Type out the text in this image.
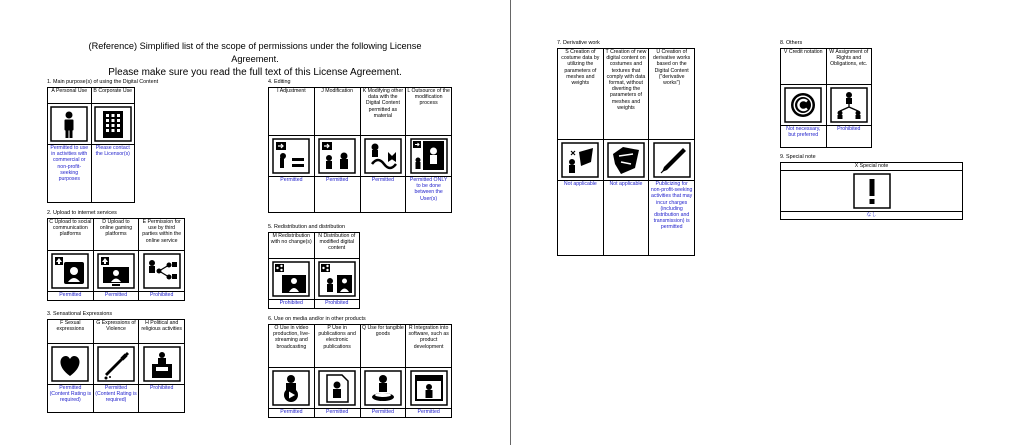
(Reference) Simplified list of the scope of permissions under the following License Agreement.
Please make sure you read the full text of this License Agreement.
1. Main purpose(s) of using the Digital Content
A Personal Use	B Corporate Use

Permitted to use in activities with commercial or non-profit-seeking purposes	Please contact the Licensor(s)
2. Upload to internet services
C Upload to social communication platforms	D Upload to online gaming platforms	E Permission for use by third parties within the online service

Permitted	Permitted	Prohibited
3. Sensational Expressions
F Sexual expressions	G Expressions of Violence	H Political and religious activities

Permitted (Content Rating is required)	Permitted (Content Rating is required)	Prohibited
4. Editing
I Adjustment	J Modification	K Modifying other data with the Digital Content permitted as material	L Outsource of the modification process

Permitted	Permitted	Permitted	Permitted ONLY to be done between the User(s)
5. Redistribution and distribution
M Redistribution with no change(s)	N Distribution of modified digital content

Prohibited	Prohibited
6. Use on media and/or in other products
O Use in video production, live-streaming and broadcasting	P Use in publications and electronic publications	Q Use for tangible goods	R Integration into software, such as product development

Permitted	Permitted	Permitted	Permitted
7. Derivative work
S Creation of costume data by utilizing the parameters of meshes and weights	T Creation of new digital content on costumes and textures that comply with data format, without diverting the parameters of meshes and weights	U Creation of derivative works based on the Digital Content ("derivative works")

Not applicable	Not applicable	Publicizing for non-profit-seeking activities that may incur charges (including distribution and transmission) is permitted
8. Others
V Credit notation	W Assignment of Rights and Obligations, etc.

Not necessary, but preferred	Prohibited
9. Special note
X Special note

なし
